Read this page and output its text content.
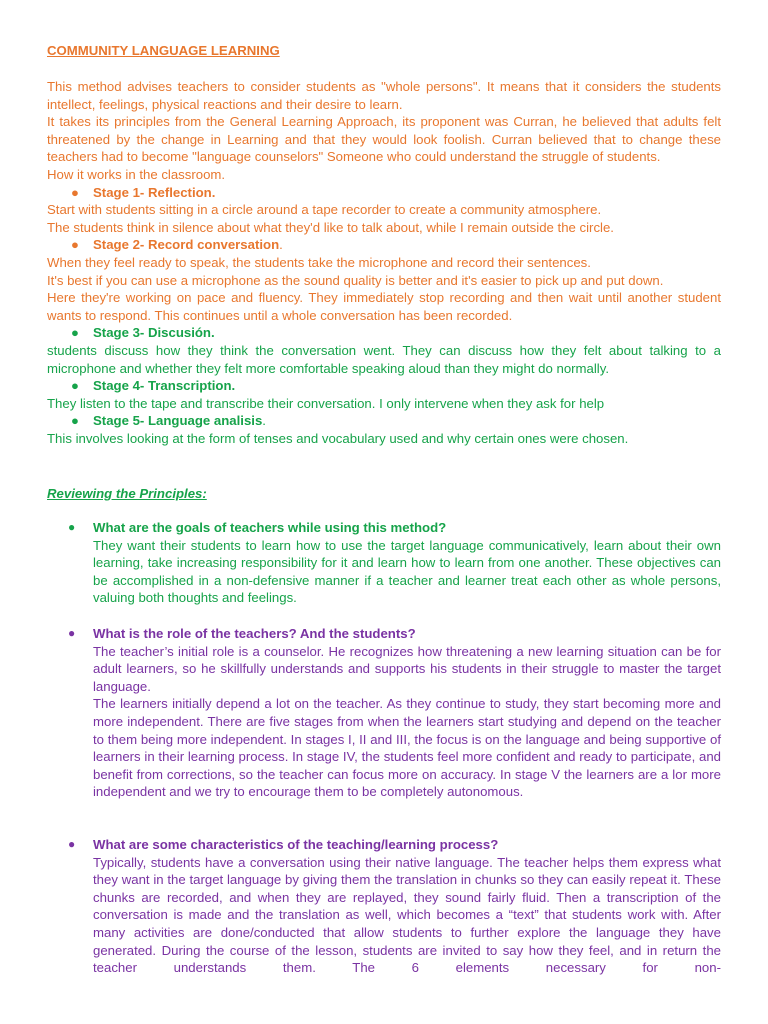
COMMUNITY LANGUAGE LEARNING

This method advises teachers to consider students as "whole persons". It means that it considers the students intellect, feelings, physical reactions and their desire to learn.

It takes its principles from the General Learning Approach, its proponent was Curran, he believed that adults felt threatened by the change in Learning and that they would look foolish. Curran believed that to change these teachers had to become "language counselors" Someone who could understand the struggle of students.

How it works in the classroom.

● Stage 1- Reflection.

Start with students sitting in a circle around a tape recorder to create a community atmosphere.

The students think in silence about what they'd like to talk about, while I remain outside the circle.

● Stage 2- Record conversation.

When they feel ready to speak, the students take the microphone and record their sentences.

It's best if you can use a microphone as the sound quality is better and it's easier to pick up and put down.

Here they're working on pace and fluency. They immediately stop recording and then wait until another student wants to respond. This continues until a whole conversation has been recorded.

● Stage 3- Discusión.

students discuss how they think the conversation went. They can discuss how they felt about talking to a microphone and whether they felt more comfortable speaking aloud than they might do normally.

● Stage 4- Transcription.

They listen to the tape and transcribe their conversation. I only intervene when they ask for help

● Stage 5- Language analisis.

This involves looking at the form of tenses and vocabulary used and why certain ones were chosen.

Reviewing the Principles:
● What are the goals of teachers while using this method?

They want their students to learn how to use the target language communicatively, learn about their own learning, take increasing responsibility for it and learn how to learn from one another. These objectives can be accomplished in a non-defensive manner if a teacher and learner treat each other as whole persons, valuing both thoughts and feelings.

● What is the role of the teachers? And the students?

The teacher’s initial role is a counselor. He recognizes how threatening a new learning situation can be for adult learners, so he skillfully understands and supports his students in their struggle to master the target language.

The learners initially depend a lot on the teacher. As they continue to study, they start becoming more and more independent. There are five stages from when the learners start studying and depend on the teacher to them being more independent. In stages I, II and III, the focus is on the language and being supportive of learners in their learning process. In stage IV, the students feel more confident and ready to participate, and benefit from corrections, so the teacher can focus more on accuracy. In stage V the learners are a lor more independent and we try to encourage them to be completely autonomous.

● What are some characteristics of the teaching/learning process?

Typically, students have a conversation using their native language. The teacher helps them express what they want in the target language by giving them the translation in chunks so they can easily repeat it. These chunks are recorded, and when they are replayed, they sound fairly fluid. Then a transcription of the conversation is made and the translation as well, which becomes a “text” that students work with. After many activities are done/conducted that allow students to further explore the language they have generated. During the course of the lesson, students are invited to say how they feel, and in return the teacher understands them. The 6 elements necessary for non-
